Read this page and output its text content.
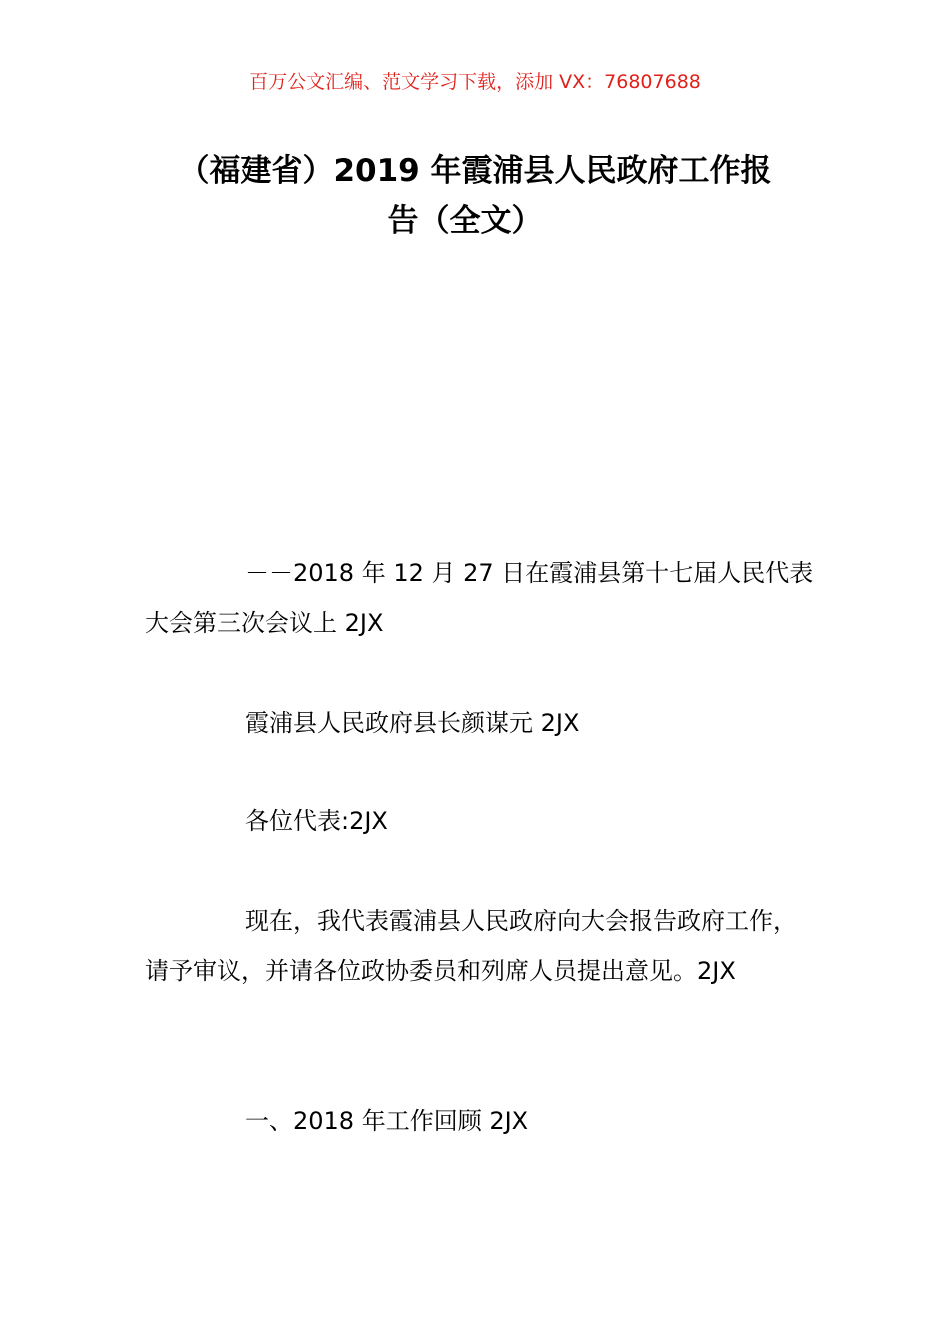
百万公文汇编、范文学习下载，添加 VX：76807688
（福建省）2019 年霞浦县人民政府工作报
告（全文）

－－2018 年 12 月 27 日在霞浦县第十七届人民代表大会第三次会议上 2JX

霞浦县人民政府县长颜谋元 2JX

各位代表:2JX

现在，我代表霞浦县人民政府向大会报告政府工作，请予审议，并请各位政协委员和列席人员提出意见。2JX

一、2018 年工作回顾 2JX
